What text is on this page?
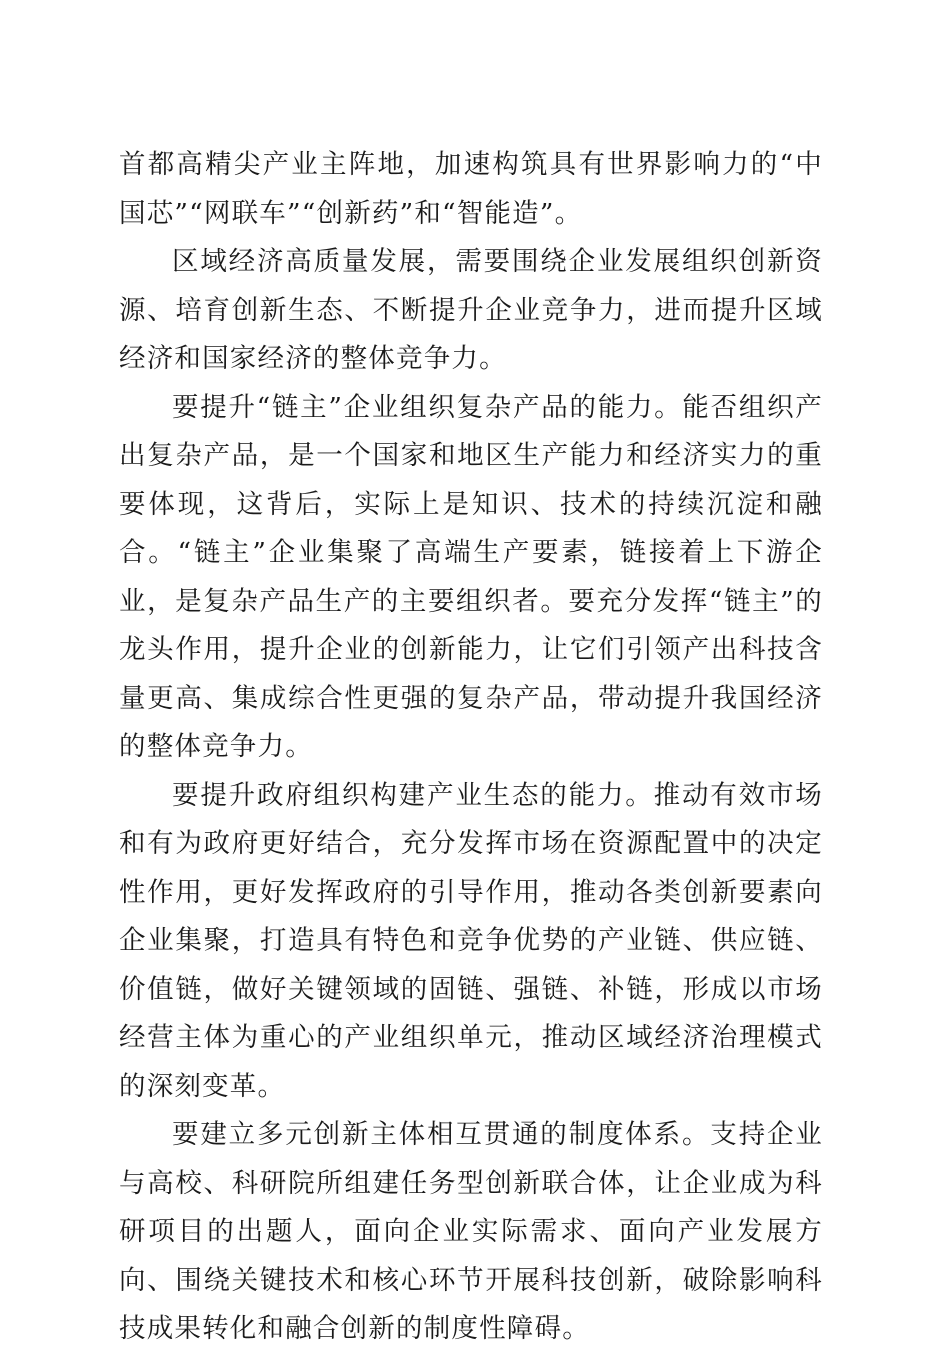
首都高精尖产业主阵地，加速构筑具有世界影响力的“中国芯”“网联车”“创新药”和“智能造”。

区域经济高质量发展，需要围绕企业发展组织创新资源、培育创新生态、不断提升企业竞争力，进而提升区域经济和国家经济的整体竞争力。

要提升“链主”企业组织复杂产品的能力。能否组织产出复杂产品，是一个国家和地区生产能力和经济实力的重要体现，这背后，实际上是知识、技术的持续沉淀和融合。“链主”企业集聚了高端生产要素，链接着上下游企业，是复杂产品生产的主要组织者。要充分发挥“链主”的龙头作用，提升企业的创新能力，让它们引领产出科技含量更高、集成综合性更强的复杂产品，带动提升我国经济的整体竞争力。

要提升政府组织构建产业生态的能力。推动有效市场和有为政府更好结合，充分发挥市场在资源配置中的决定性作用，更好发挥政府的引导作用，推动各类创新要素向企业集聚，打造具有特色和竞争优势的产业链、供应链、价值链，做好关键领域的固链、强链、补链，形成以市场经营主体为重心的产业组织单元，推动区域经济治理模式的深刻变革。

要建立多元创新主体相互贯通的制度体系。支持企业与高校、科研院所组建任务型创新联合体，让企业成为科研项目的出题人，面向企业实际需求、面向产业发展方向、围绕关键技术和核心环节开展科技创新，破除影响科技成果转化和融合创新的制度性障碍。
